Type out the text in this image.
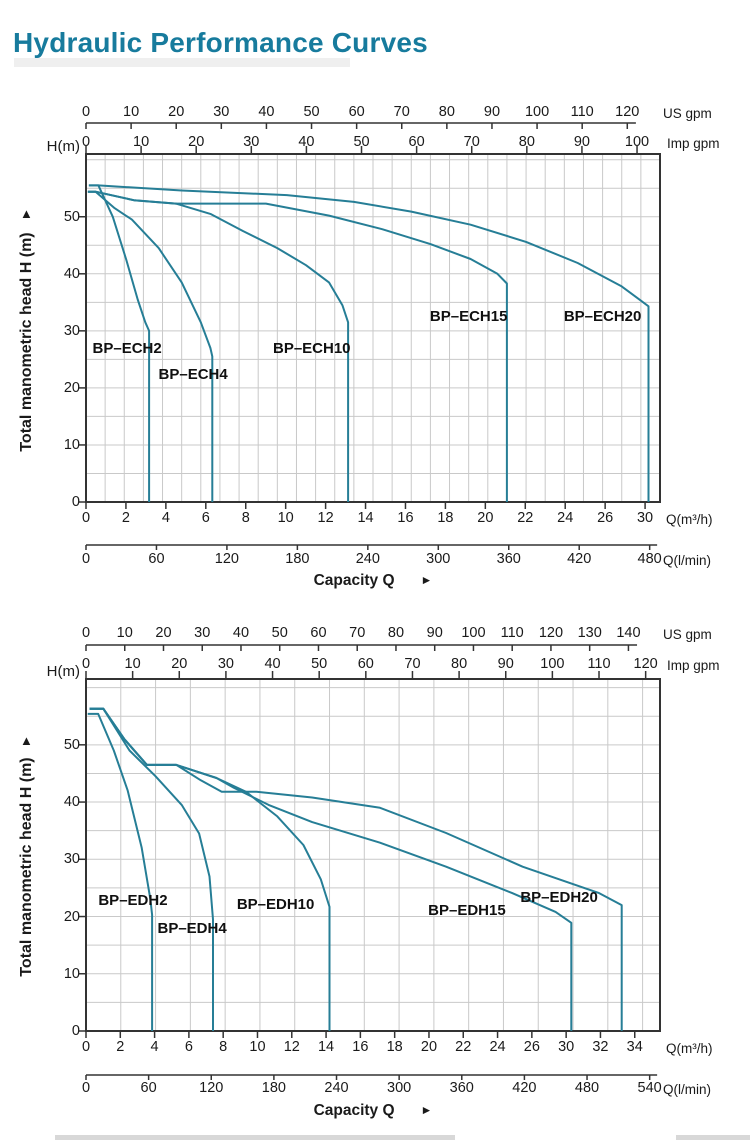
Hydraulic Performance Curves
0
10
20
30
40
50
0 10 20 30 40 50 60 70 80 90 100 110 120 US gpm
0	10	20	30	40	50	60	70	80	90 100 Imp gpm
0 2 4 6 8 10 12 14 16 18 20 22 24 26 30 Q(m³/h)
0	60	120	180	240	300	360	420	480 Q(l/min)
BP–ECH2
BP–ECH4
BP–ECH10
BP–ECH15	BP–ECH20
H(m)
Total manometric head H (m)
▲
Capacity Q ►
0
10
20
30
40
50
0 10 20 30 40 50 60 70 80 90 100 110 120 130 140 US gpm
0 10 20 30 40 50 60 70 80 90 100 110 120 Imp gpm
0 2 4 6 8 10 12 14 16 18 20 22 24 26 30 32 34 Q(m³/h)
0	60	120	180	240	300	360	420	480	540 Q(l/min)
BP–EDH2
BP–EDH4
BP–EDH10	BP–EDH15
BP–EDH20
H(m)
Total manometric head H (m)
▲
Capacity Q ►
